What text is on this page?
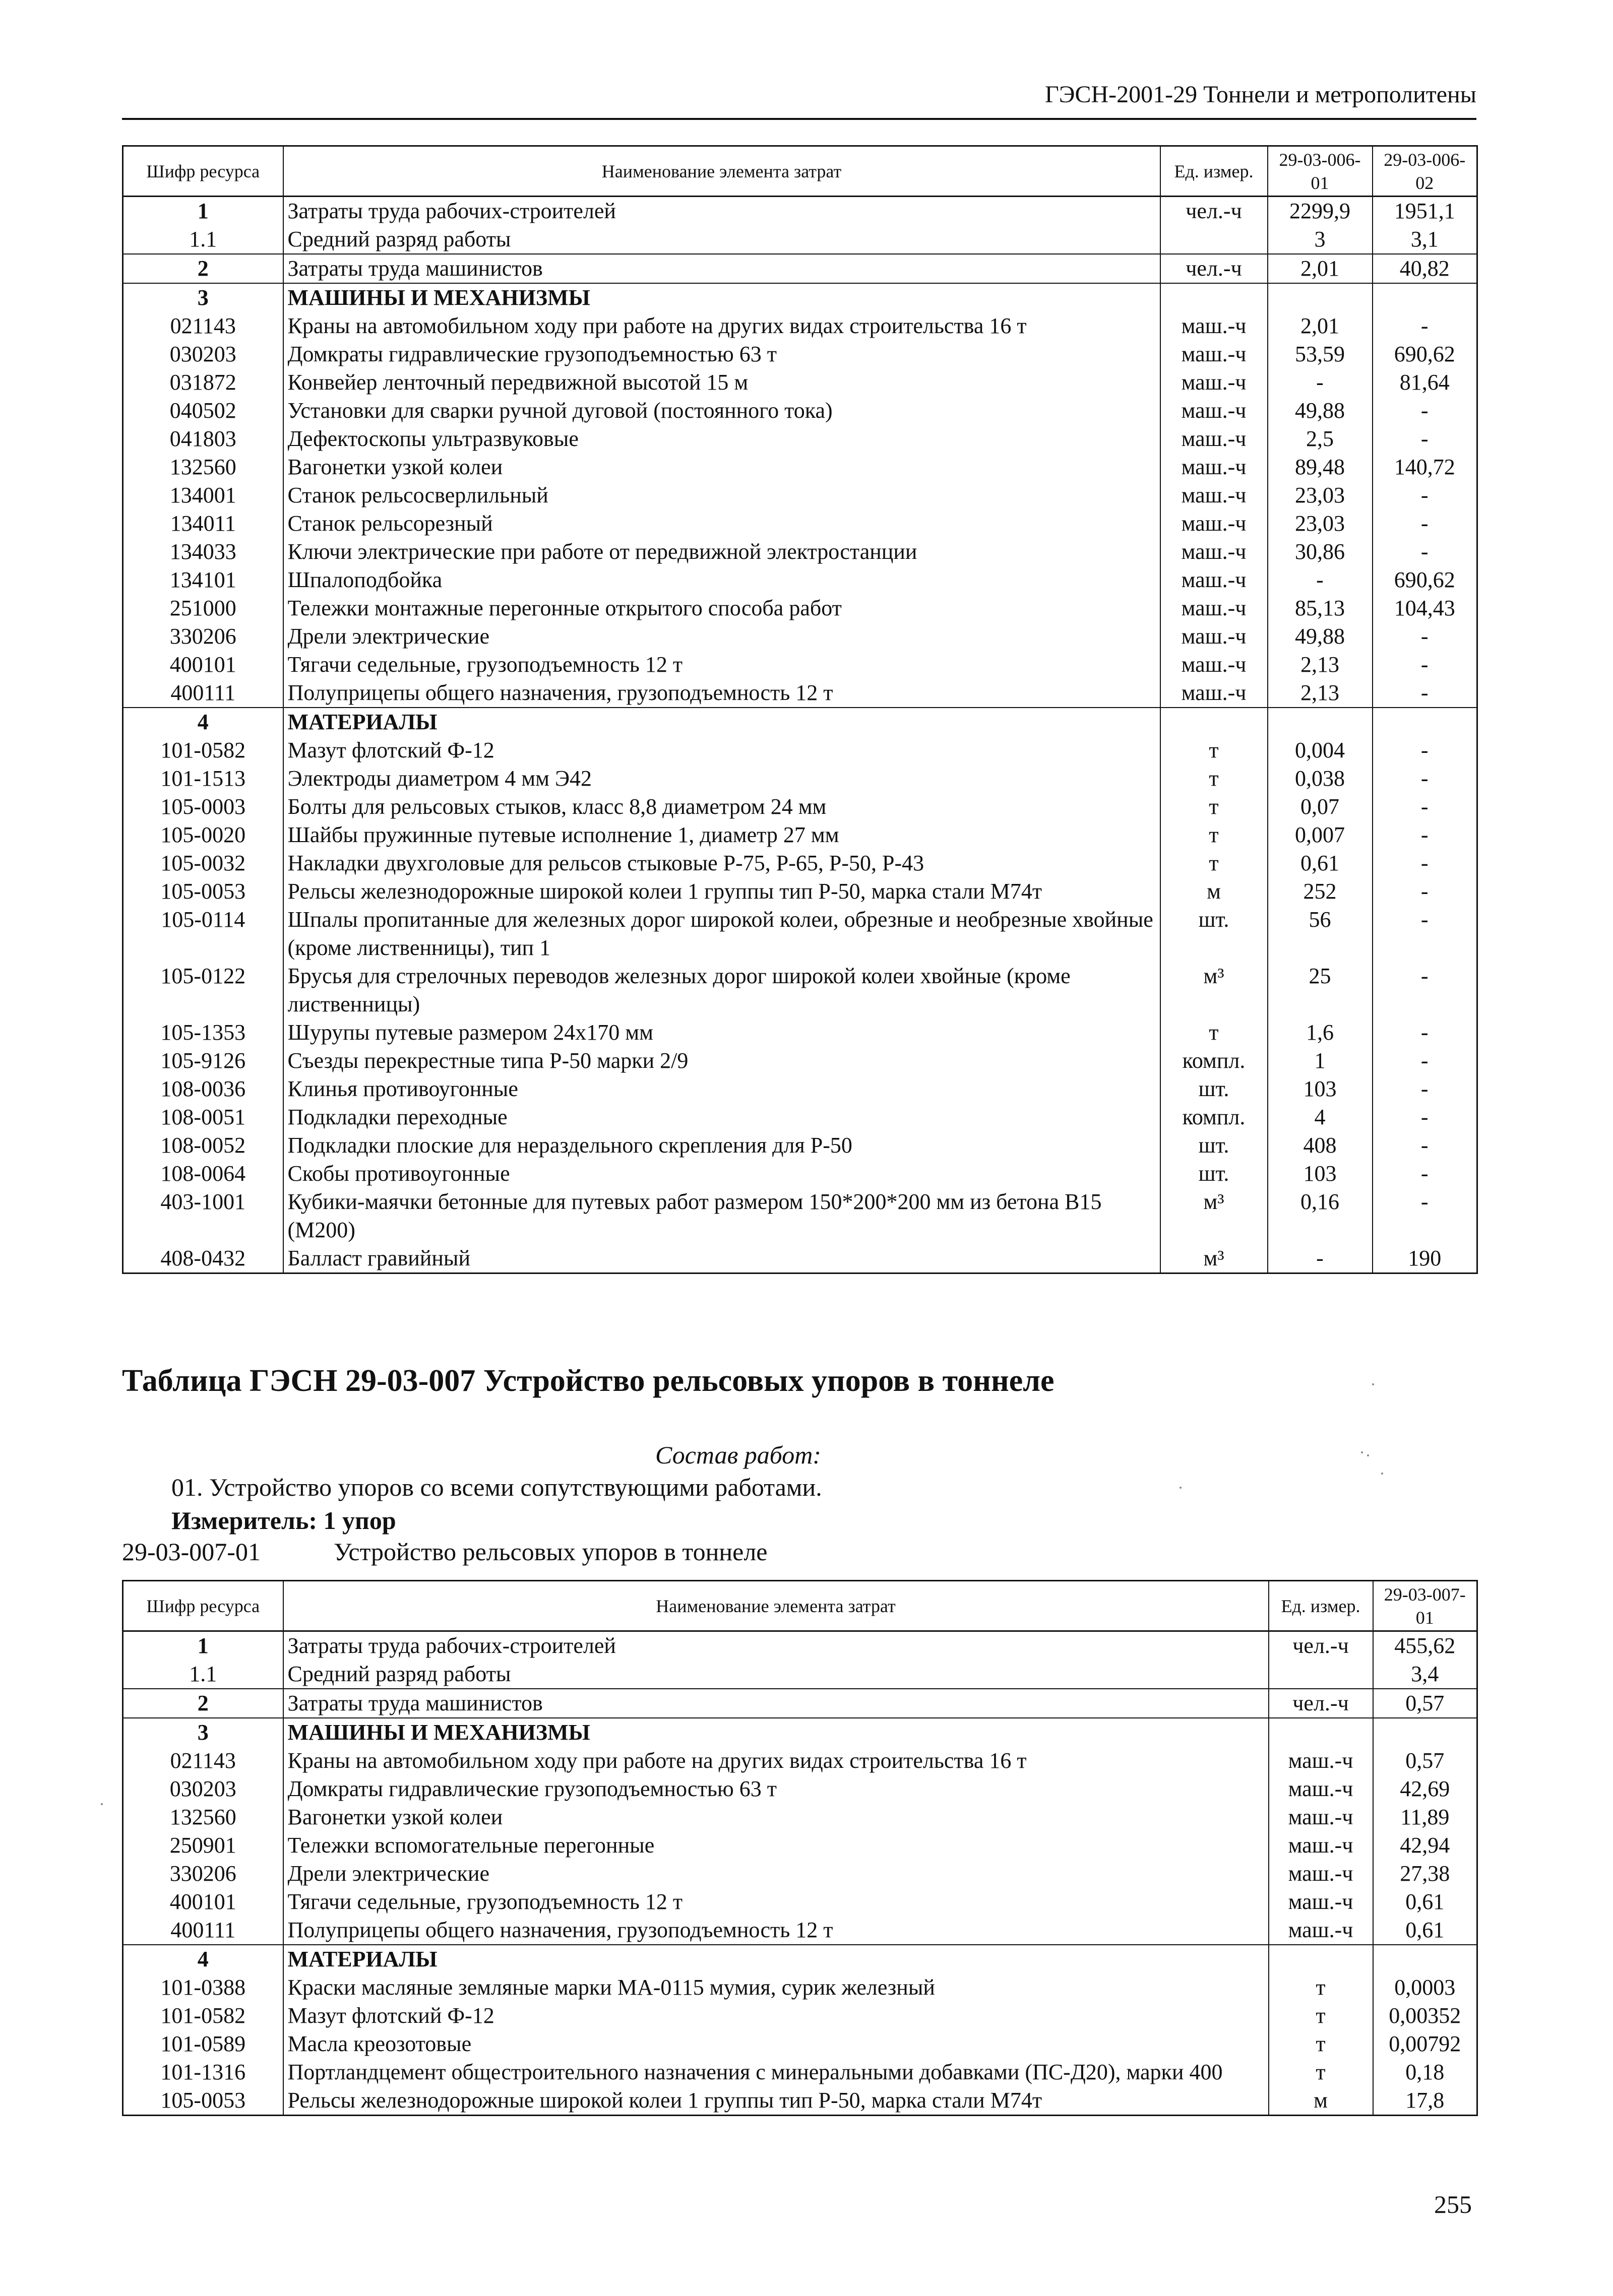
ГЭСН-2001-29 Тоннели и метрополитены
Шифр ресурса	Наименование элемента затрат	Ед. измер.	29-03-006-01	29-03-006-02
1	Затраты труда рабочих-строителей	чел.-ч	2299,9	1951,1
1.1	Средний разряд работы		3	3,1
2	Затраты труда машинистов	чел.-ч	2,01	40,82
3	МАШИНЫ И МЕХАНИЗМЫ			
021143	Краны на автомобильном ходу при работе на других видах строительства 16 т	маш.-ч	2,01	-
030203	Домкраты гидравлические грузоподъемностью 63 т	маш.-ч	53,59	690,62
031872	Конвейер ленточный передвижной высотой 15 м	маш.-ч	-	81,64
040502	Установки для сварки ручной дуговой (постоянного тока)	маш.-ч	49,88	-
041803	Дефектоскопы ультразвуковые	маш.-ч	2,5	-
132560	Вагонетки узкой колеи	маш.-ч	89,48	140,72
134001	Станок рельсосверлильный	маш.-ч	23,03	-
134011	Станок рельсорезный	маш.-ч	23,03	-
134033	Ключи электрические при работе от передвижной электростанции	маш.-ч	30,86	-
134101	Шпалоподбойка	маш.-ч	-	690,62
251000	Тележки монтажные перегонные открытого способа работ	маш.-ч	85,13	104,43
330206	Дрели электрические	маш.-ч	49,88	-
400101	Тягачи седельные, грузоподъемность 12 т	маш.-ч	2,13	-
400111	Полуприцепы общего назначения, грузоподъемность 12 т	маш.-ч	2,13	-
4	МАТЕРИАЛЫ			
101-0582	Мазут флотский Ф-12	т	0,004	-
101-1513	Электроды диаметром 4 мм Э42	т	0,038	-
105-0003	Болты для рельсовых стыков, класс 8,8 диаметром 24 мм	т	0,07	-
105-0020	Шайбы пружинные путевые исполнение 1, диаметр 27 мм	т	0,007	-
105-0032	Накладки двухголовые для рельсов стыковые Р-75, Р-65, Р-50, Р-43	т	0,61	-
105-0053	Рельсы железнодорожные широкой колеи 1 группы тип Р-50, марка стали М74т	м	252	-
105-0114	Шпалы пропитанные для железных дорог широкой колеи, обрезные и необрезные хвойные (кроме лиственницы), тип 1	шт.	56	-
105-0122	Брусья для стрелочных переводов железных дорог широкой колеи хвойные (кроме лиственницы)	м³	25	-
105-1353	Шурупы путевые размером 24x170 мм	т	1,6	-
105-9126	Съезды перекрестные типа Р-50 марки 2/9	компл.	1	-
108-0036	Клинья противоугонные	шт.	103	-
108-0051	Подкладки переходные	компл.	4	-
108-0052	Подкладки плоские для нераздельного скрепления для Р-50	шт.	408	-
108-0064	Скобы противоугонные	шт.	103	-
403-1001	Кубики-маячки бетонные для путевых работ размером 150*200*200 мм из бетона В15 (М200)	м³	0,16	-
408-0432	Балласт гравийный	м³	-	190
Таблица ГЭСН 29-03-007 Устройство рельсовых упоров в тоннеле
Состав работ:
01. Устройство упоров со всеми сопутствующими работами.
Измеритель: 1 упор
29-03-007-01	Устройство рельсовых упоров в тоннеле
Шифр ресурса	Наименование элемента затрат	Ед. измер.	29-03-007-01
1	Затраты труда рабочих-строителей	чел.-ч	455,62
1.1	Средний разряд работы		3,4
2	Затраты труда машинистов	чел.-ч	0,57
3	МАШИНЫ И МЕХАНИЗМЫ		
021143	Краны на автомобильном ходу при работе на других видах строительства 16 т	маш.-ч	0,57
030203	Домкраты гидравлические грузоподъемностью 63 т	маш.-ч	42,69
132560	Вагонетки узкой колеи	маш.-ч	11,89
250901	Тележки вспомогательные перегонные	маш.-ч	42,94
330206	Дрели электрические	маш.-ч	27,38
400101	Тягачи седельные, грузоподъемность 12 т	маш.-ч	0,61
400111	Полуприцепы общего назначения, грузоподъемность 12 т	маш.-ч	0,61
4	МАТЕРИАЛЫ		
101-0388	Краски масляные земляные марки МА-0115 мумия, сурик железный	т	0,0003
101-0582	Мазут флотский Ф-12	т	0,00352
101-0589	Масла креозотовые	т	0,00792
101-1316	Портландцемент общестроительного назначения с минеральными добавками (ПС-Д20), марки 400	т	0,18
105-0053	Рельсы железнодорожные широкой колеи 1 группы тип Р-50, марка стали М74т	м	17,8
255
